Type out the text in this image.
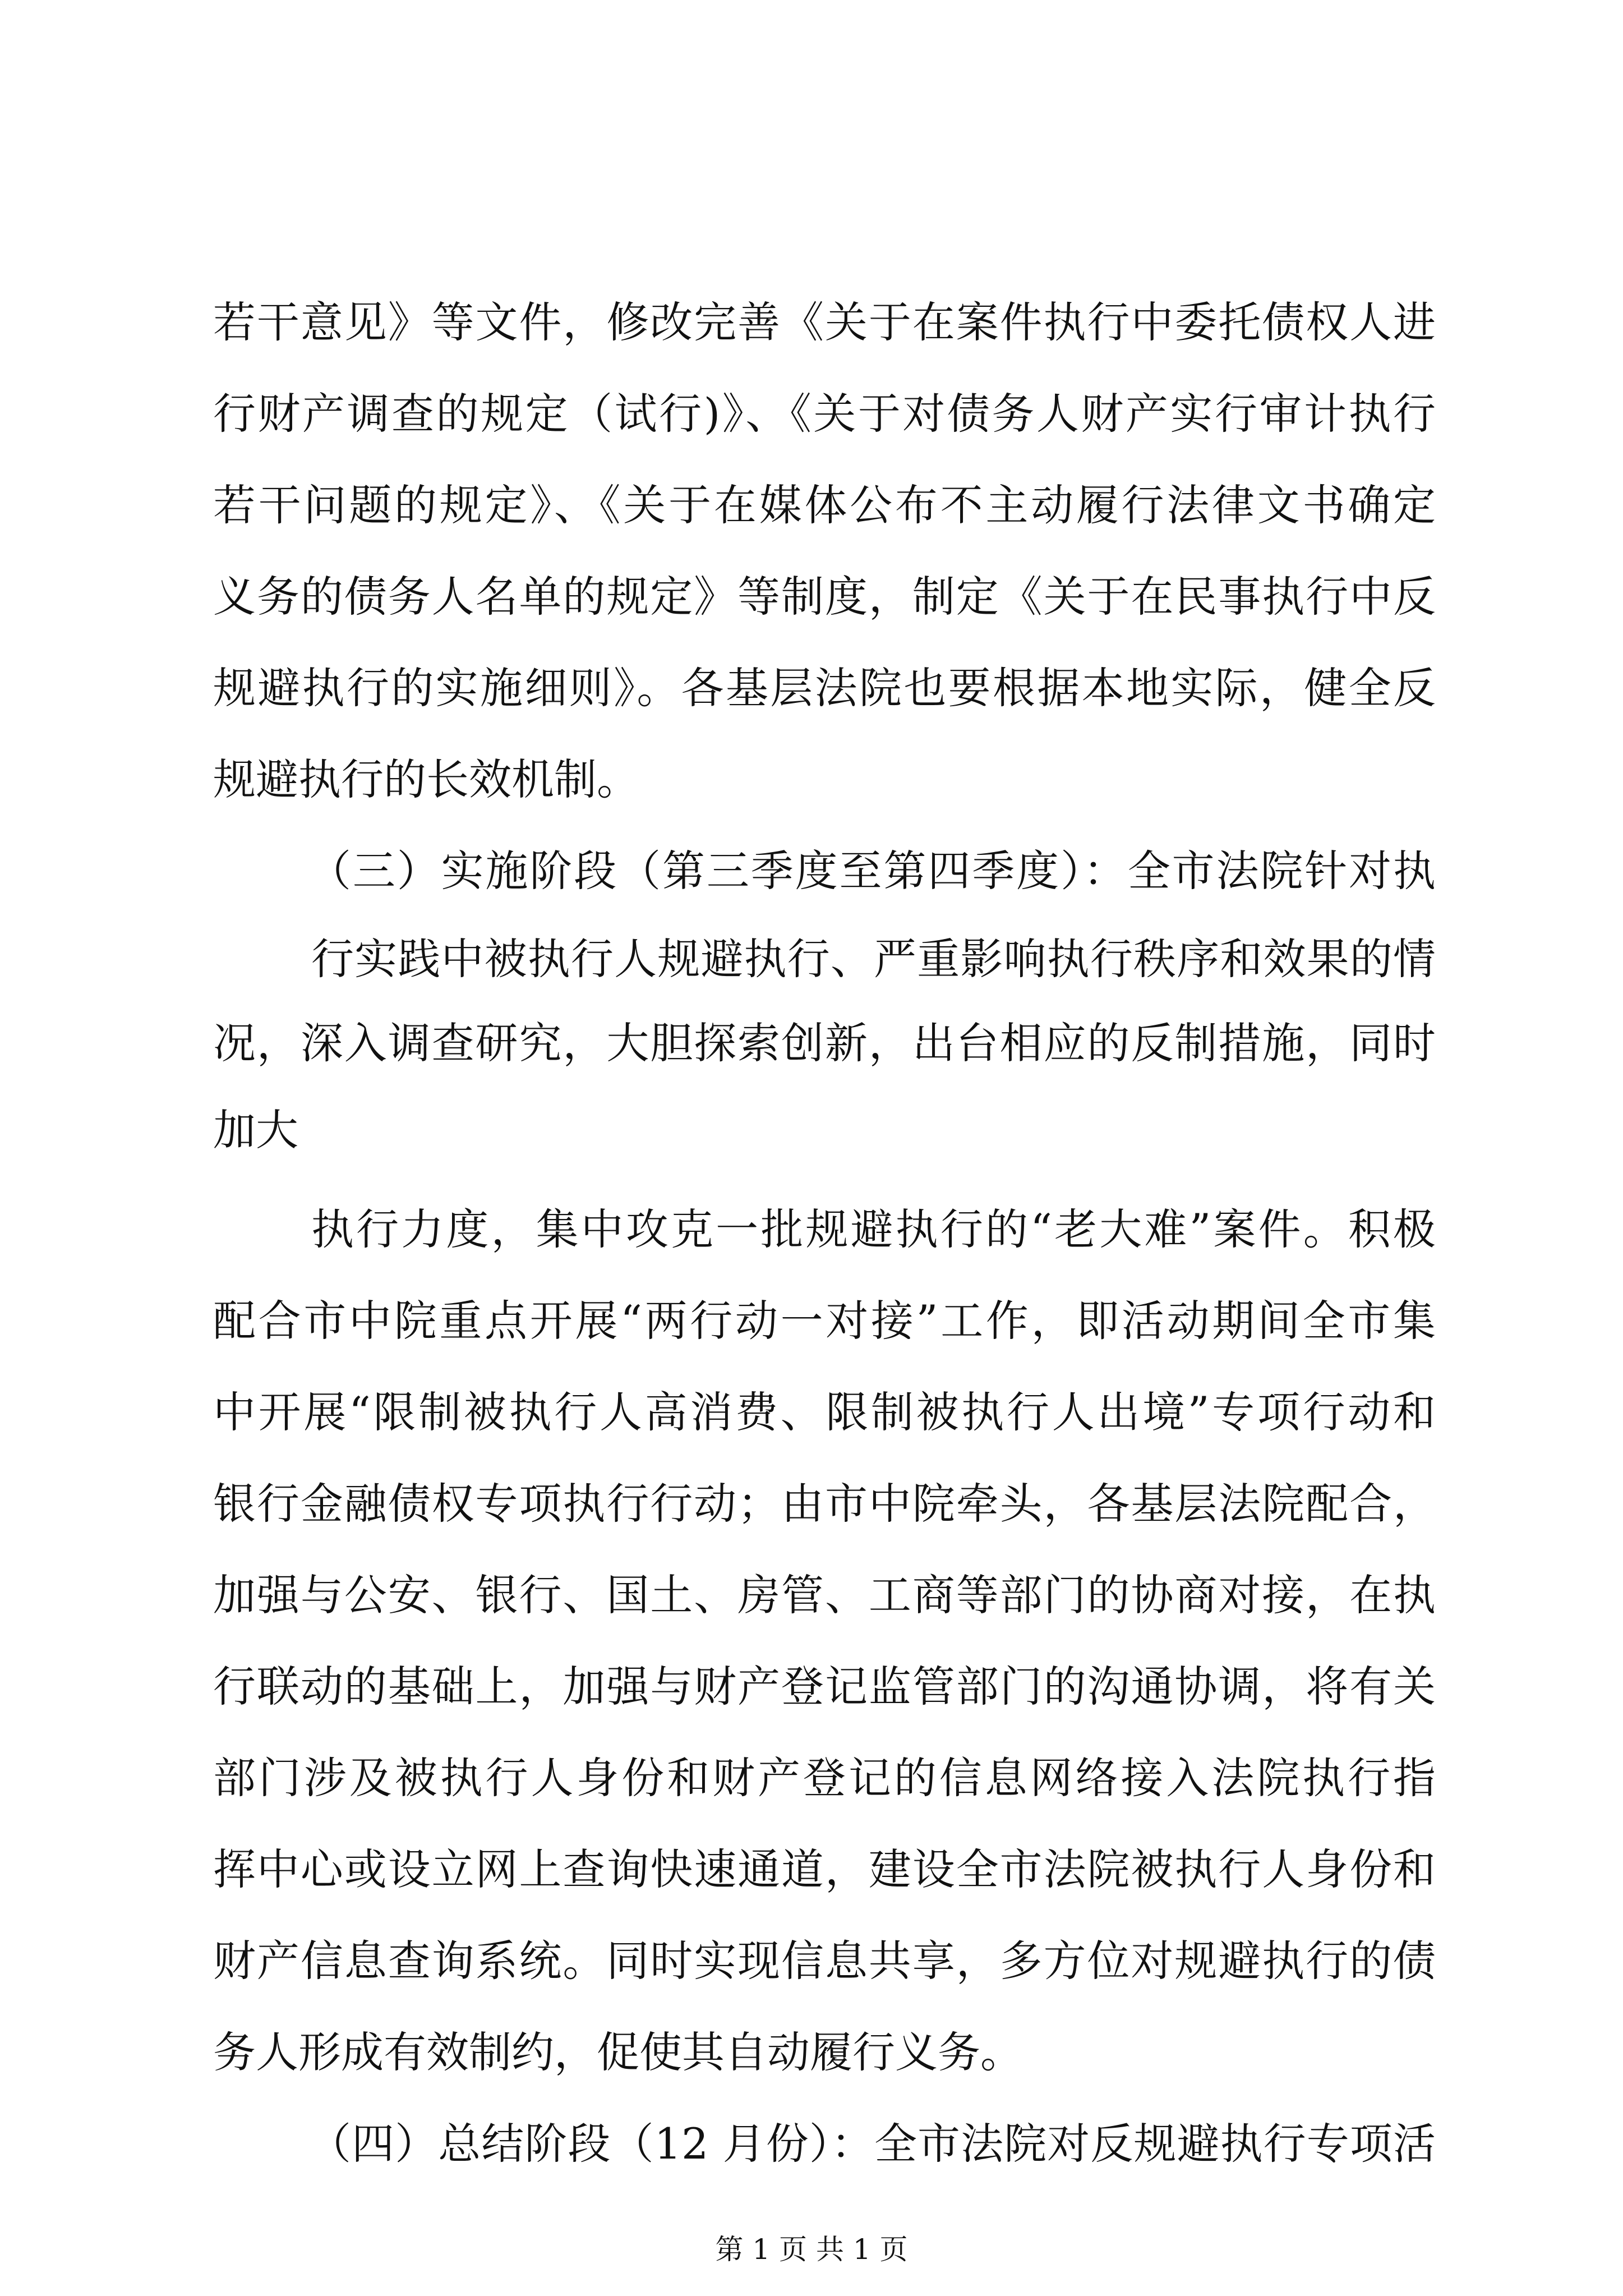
若干意见》等文件，修改完善《关于在案件执行中委托债权人进
行财产调查的规定（试行)》、《关于对债务人财产实行审计执行
若干问题的规定》、《关于在媒体公布不主动履行法律文书确定
义务的债务人名单的规定》等制度，制定《关于在民事执行中反
规避执行的实施细则》。各基层法院也要根据本地实际，健全反
规避执行的长效机制。
（三）实施阶段（第三季度至第四季度）：全市法院针对执
行实践中被执行人规避执行、严重影响执行秩序和效果的情
况，深入调查研究，大胆探索创新，出台相应的反制措施，同时
加大
执行力度，集中攻克一批规避执行的“老大难”案件。积极
配合市中院重点开展“两行动一对接”工作，即活动期间全市集
中开展“限制被执行人高消费、限制被执行人出境”专项行动和
银行金融债权专项执行行动；由市中院牵头，各基层法院配合，
加强与公安、银行、国土、房管、工商等部门的协商对接，在执
行联动的基础上，加强与财产登记监管部门的沟通协调，将有关
部门涉及被执行人身份和财产登记的信息网络接入法院执行指
挥中心或设立网上查询快速通道，建设全市法院被执行人身份和
财产信息查询系统。同时实现信息共享，多方位对规避执行的债
务人形成有效制约，促使其自动履行义务。
（四）总结阶段（12 月份）：全市法院对反规避执行专项活
第 1 页 共 1 页
